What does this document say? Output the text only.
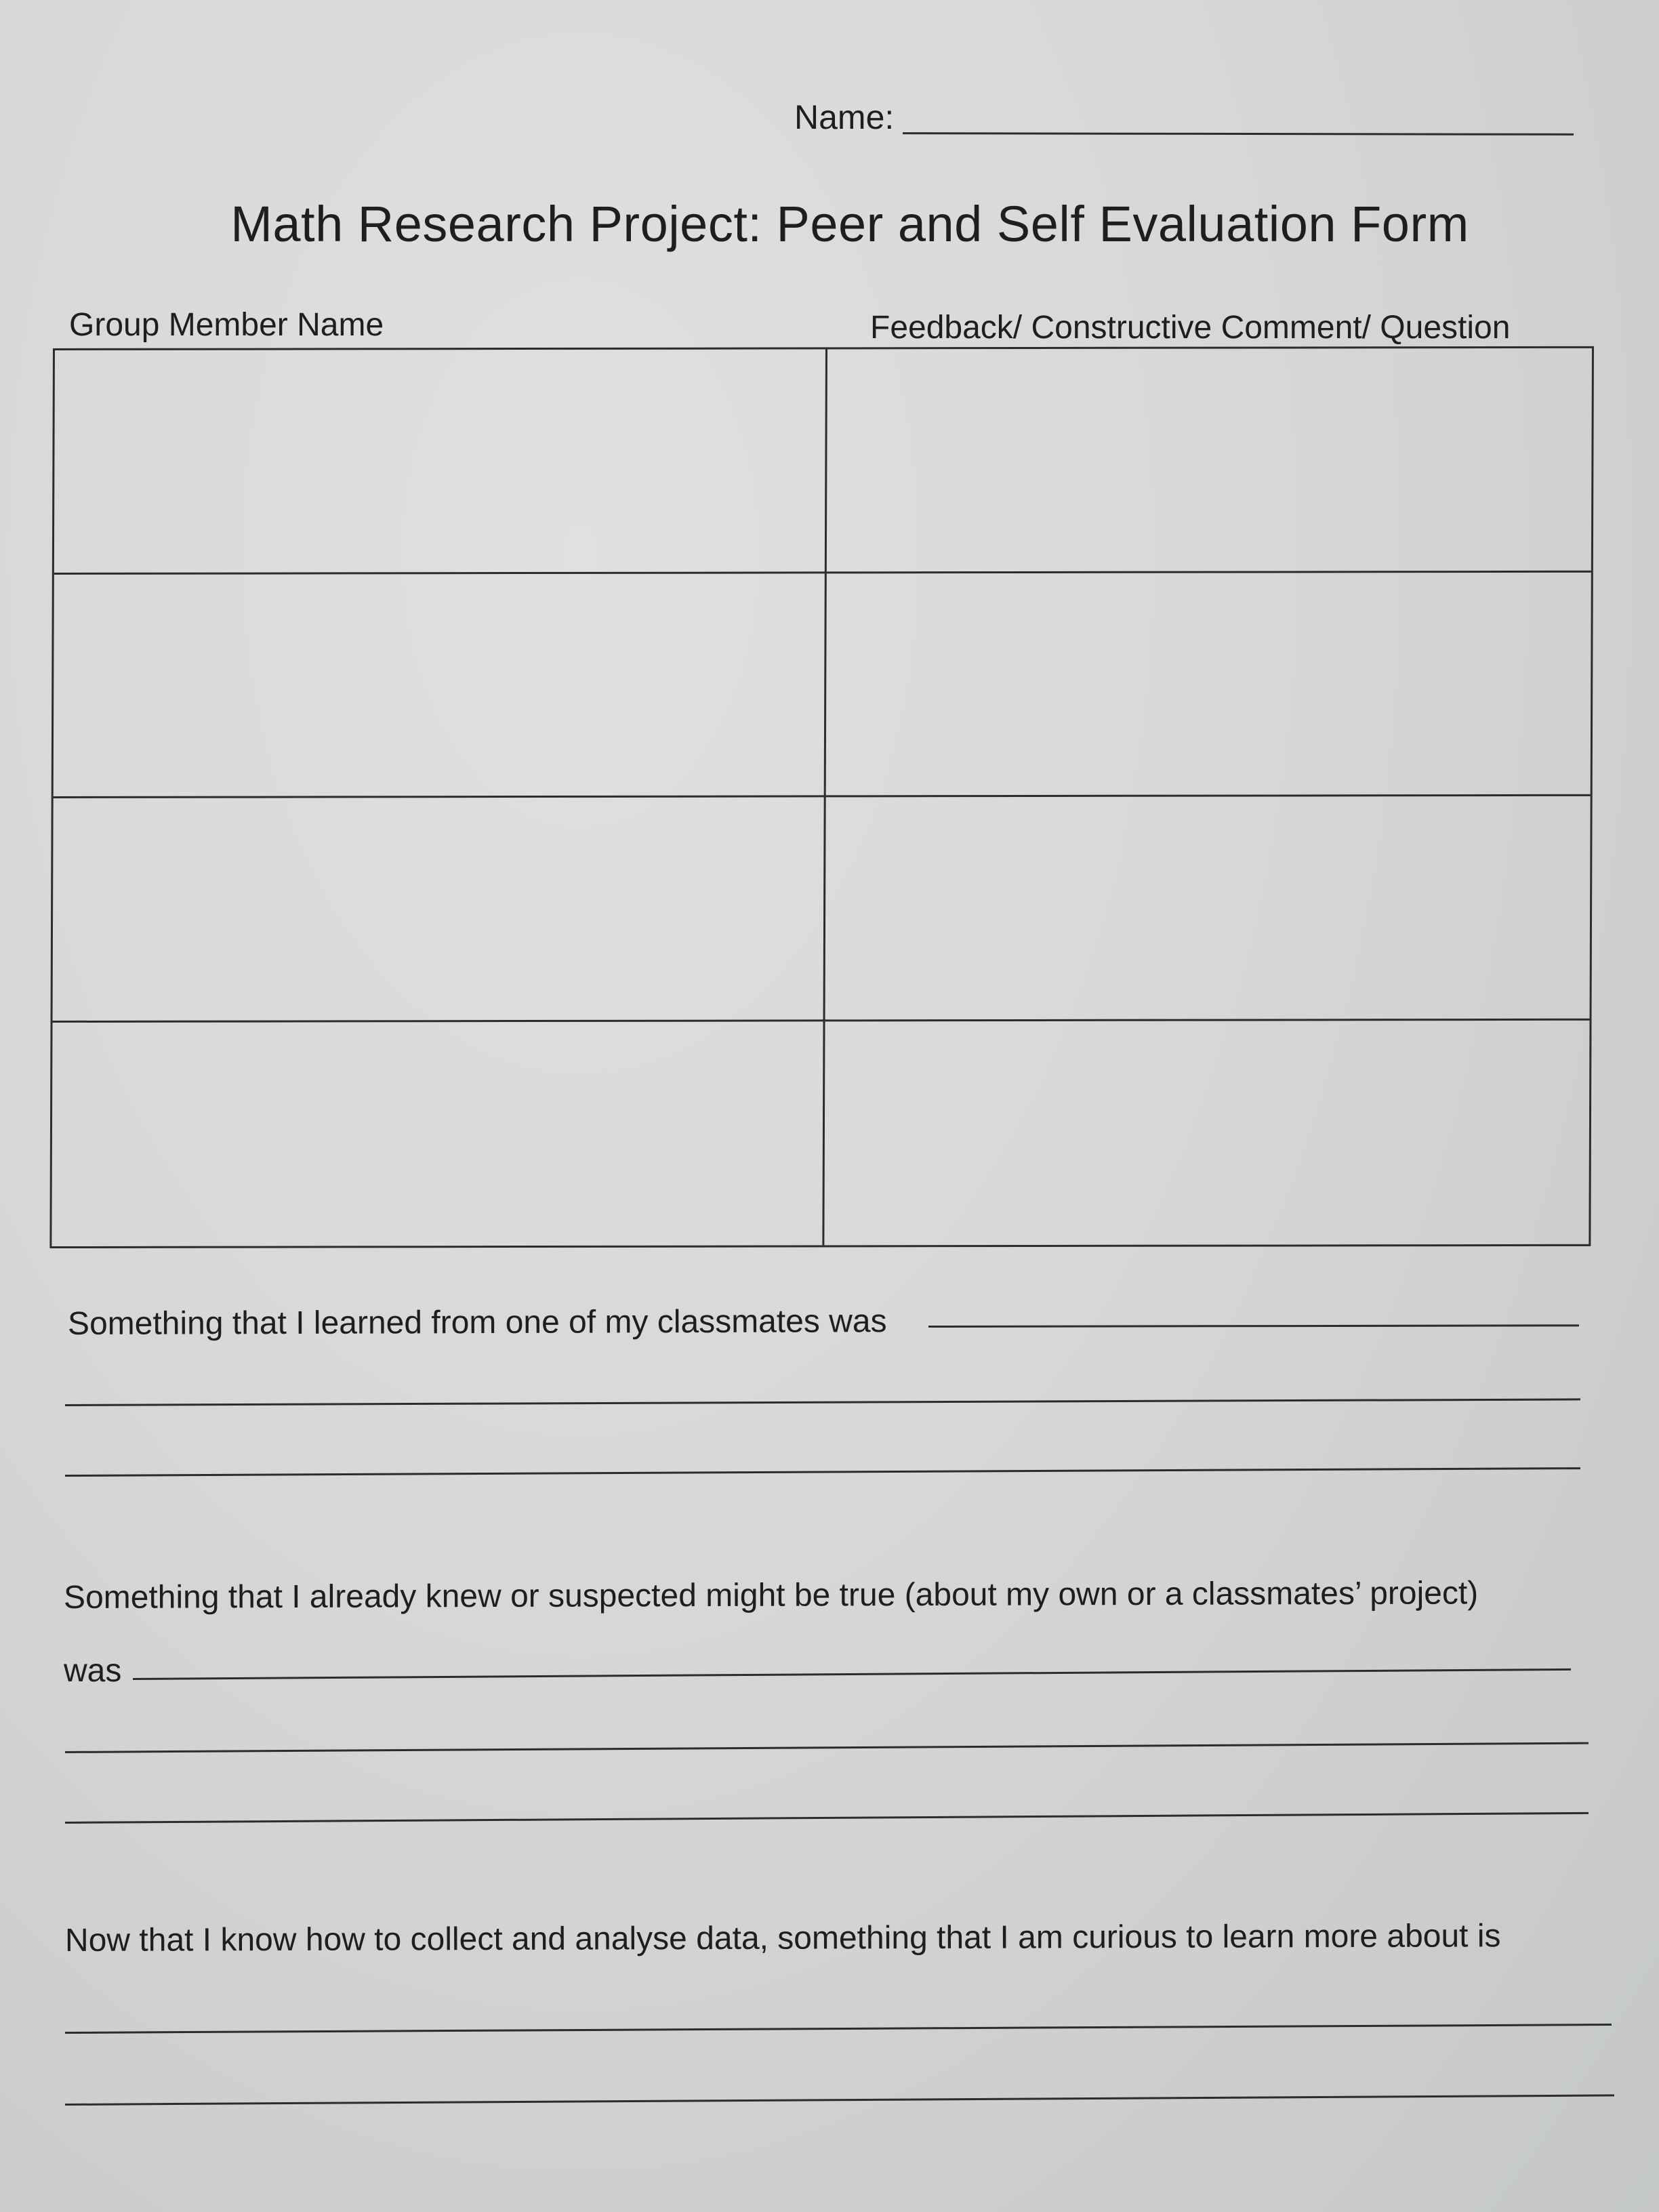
Name:
Math Research Project: Peer and Self Evaluation Form
Group Member Name	Feedback/ Constructive Comment/ Question
Something that I learned from one of my classmates was
Something that I already knew or suspected might be true (about my own or a classmates’ project)
was
Now that I know how to collect and analyse data, something that I am curious to learn more about is
